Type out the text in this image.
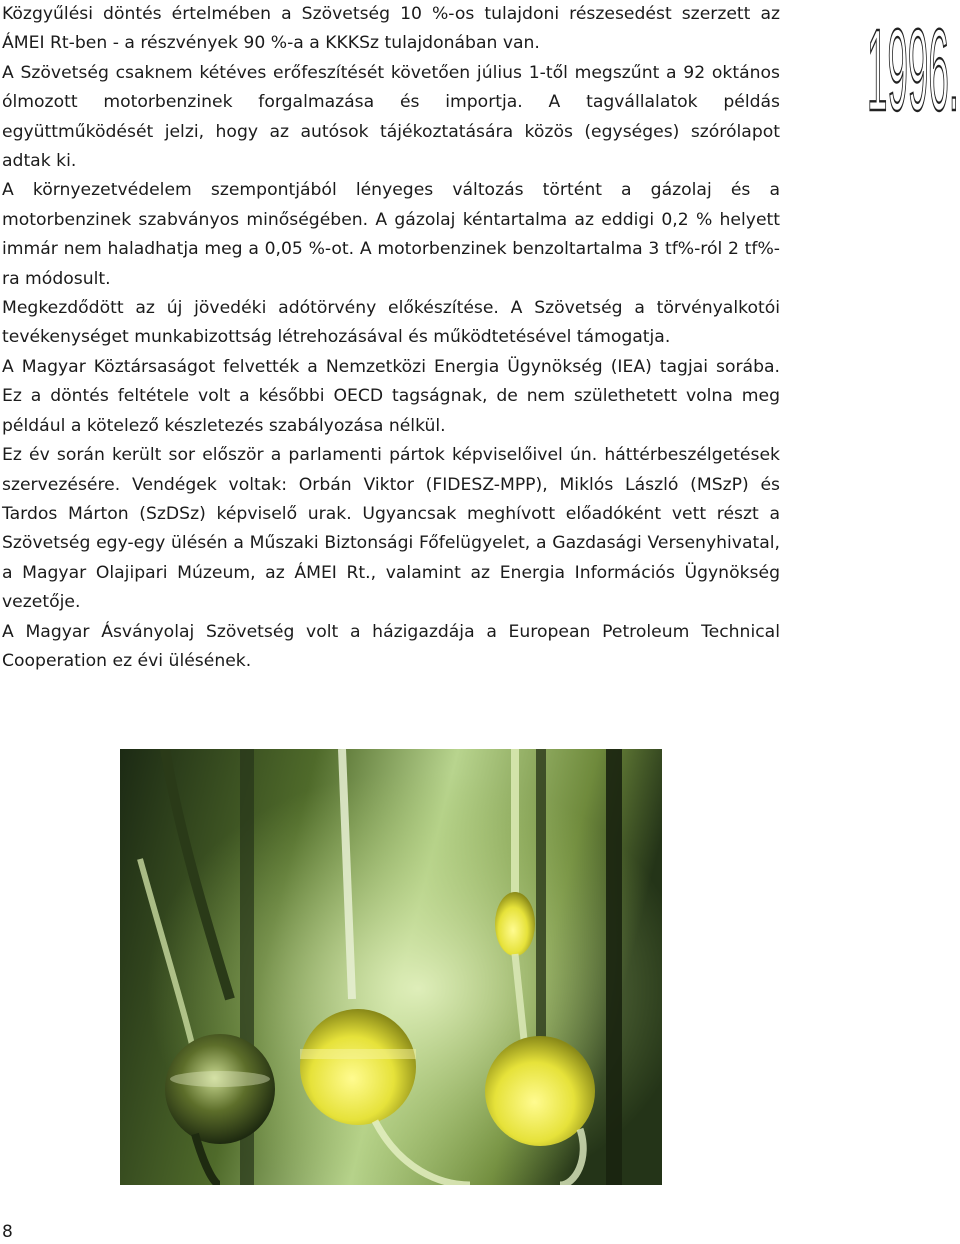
Közgyűlési döntés értelmében a Szövetség 10 %-os tulajdoni részesedést szerzett az ÁMEI Rt-ben - a részvények 90 %-a a KKKSz tulajdonában van.

A Szövetség csaknem kétéves erőfeszítését követően július 1-től megszűnt a 92 oktános ólmozott motorbenzinek forgalmazása és importja. A tagvállalatok példás együttműködését jelzi, hogy az autósok tájékoztatására közös (egységes) szórólapot adtak ki.

A környezetvédelem szempontjából lényeges változás történt a gázolaj és a motorbenzinek szabványos minőségében. A gázolaj kéntartalma az eddigi 0,2 % helyett immár nem haladhatja meg a 0,05 %-ot. A motorbenzinek benzoltartalma 3 tf%-ról 2 tf%-ra módosult.

Megkezdődött az új jövedéki adótörvény előkészítése. A Szövetség a törvényalkotói tevékenységet munkabizottság létrehozásával és működtetésével támogatja.

A Magyar Köztársaságot felvették a Nemzetközi Energia Ügynökség (IEA) tagjai sorába. Ez a döntés feltétele volt a későbbi OECD tagságnak, de nem születhetett volna meg például a kötelező készletezés szabályozása nélkül.

Ez év során került sor először a parlamenti pártok képviselőivel ún. háttérbeszélgetések szervezésére. Vendégek voltak: Orbán Viktor (FIDESZ-MPP), Miklós László (MSzP) és Tardos Márton (SzDSz) képviselő urak. Ugyancsak meghívott előadóként vett részt a Szövetség egy-egy ülésén a Műszaki Biztonsági Főfelügyelet, a Gazdasági Versenyhivatal, a Magyar Olajipari Múzeum, az ÁMEI Rt., valamint az Energia Információs Ügynökség vezetője.

A Magyar Ásványolaj Szövetség volt a házigazdája a European Petroleum Technical Cooperation ez évi ülésének.

1996.

8
